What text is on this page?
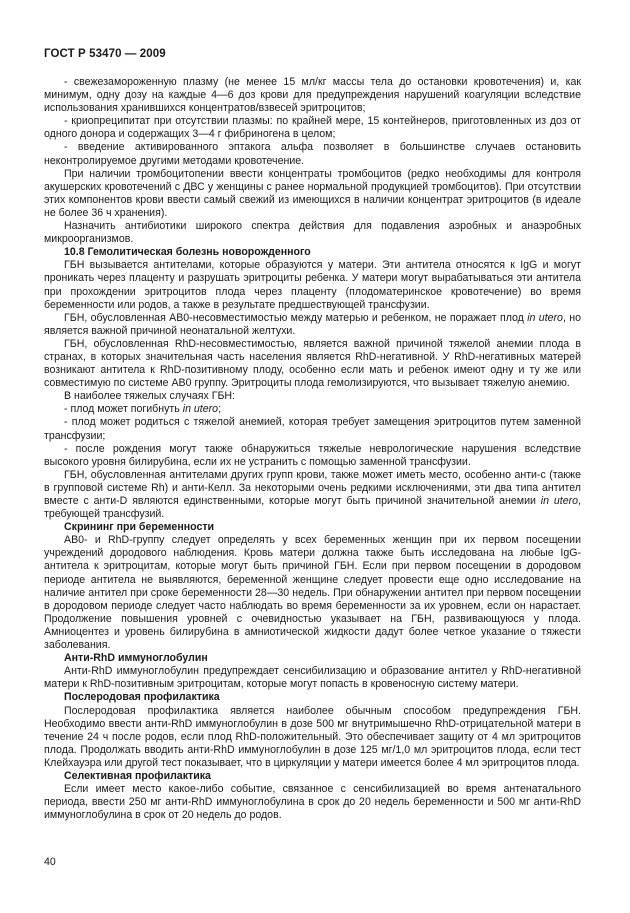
ГОСТ Р 53470 — 2009

- свежезамороженную плазму (не менее 15 мл/кг массы тела до остановки кровотечения) и, как минимум, одну дозу на каждые 4—6 доз крови для предупреждения нарушений коагуляции вследствие использования хранившихся концентратов/взвесей эритроцитов;

- криопреципитат при отсутствии плазмы: по крайней мере, 15 контейнеров, приготовленных из доз от одного донора и содержащих 3—4 г фибриногена в целом;

- введение активированного эптакога альфа позволяет в большинстве случаев остановить неконтролируемое другими методами кровотечение.

При наличии тромбоцитопении ввести концентраты тромбоцитов (редко необходимы для контроля акушерских кровотечений с ДВС у женщины с ранее нормальной продукцией тромбоцитов). При отсутствии этих компонентов крови ввести самый свежий из имеющихся в наличии концентрат эритроцитов (в идеале не более 36 ч хранения).

Назначить антибиотики широкого спектра действия для подавления аэробных и анаэробных микроорганизмов.

10.8 Гемолитическая болезнь новорожденного

ГБН вызывается антителами, которые образуются у матери. Эти антитела относятся к IgG и могут проникать через плаценту и разрушать эритроциты ребенка. У матери могут вырабатываться эти антитела при прохождении эритроцитов плода через плаценту (плодоматеринское кровотечение) во время беременности или родов, а также в результате предшествующей трансфузии.

ГБН, обусловленная АВ0-несовместимостью между матерью и ребенком, не поражает плод in utero, но является важной причиной неонатальной желтухи.

ГБН, обусловленная RhD-несовместимостью, является важной причиной тяжелой анемии плода в странах, в которых значительная часть населения является RhD-негативной. У RhD-негативных матерей возникают антитела к RhD-позитивному плоду, особенно если мать и ребенок имеют одну и ту же или совместимую по системе АВ0 группу. Эритроциты плода гемолизируются, что вызывает тяжелую анемию.

В наиболее тяжелых случаях ГБН:

- плод может погибнуть in utero;

- плод может родиться с тяжелой анемией, которая требует замещения эритроцитов путем заменной трансфузии;

- после рождения могут также обнаружиться тяжелые неврологические нарушения вследствие высокого уровня билирубина, если их не устранить с помощью заменной трансфузии.

ГБН, обусловленная антителами других групп крови, также может иметь место, особенно анти-с (также в групповой системе Rh) и анти-Келл. За некоторыми очень редкими исключениями, эти два типа антител вместе с анти-D являются единственными, которые могут быть причиной значительной анемии in utero, требующей трансфузий.

Скрининг при беременности

АВ0- и RhD-группу следует определять у всех беременных женщин при их первом посещении учреждений дородового наблюдения. Кровь матери должна также быть исследована на любые IgG-антитела к эритроцитам, которые могут быть причиной ГБН. Если при первом посещении в дородовом периоде антитела не выявляются, беременной женщине следует провести еще одно исследование на наличие антител при сроке беременности 28—30 недель. При обнаружении антител при первом посещении в дородовом периоде следует часто наблюдать во время беременности за их уровнем, если он нарастает. Продолжение повышения уровней с очевидностью указывает на ГБН, развивающуюся у плода. Амниоцентез и уровень билирубина в амниотической жидкости дадут более четкое указание о тяжести заболевания.

Анти-RhD иммуноглобулин

Анти-RhD иммуноглобулин предупреждает сенсибилизацию и образование антител у RhD-негативной матери к RhD-позитивным эритроцитам, которые могут попасть в кровеносную систему матери.

Послеродовая профилактика

Послеродовая профилактика является наиболее обычным способом предупреждения ГБН. Необходимо ввести анти-RhD иммуноглобулин в дозе 500 мг внутримышечно RhD-отрицательной матери в течение 24 ч после родов, если плод RhD-положительный. Это обеспечивает защиту от 4 мл эритроцитов плода. Продолжать вводить анти-RhD иммуноглобулин в дозе 125 мг/1,0 мл эритроцитов плода, если тест Клейхауэра или другой тест показывает, что в циркуляции у матери имеется более 4 мл эритроцитов плода.

Селективная профилактика

Если имеет место какое-либо событие, связанное с сенсибилизацией во время антенатального периода, ввести 250 мг анти-RhD иммуноглобулина в срок до 20 недель беременности и 500 мг анти-RhD иммуноглобулина в срок от 20 недель до родов.

40
